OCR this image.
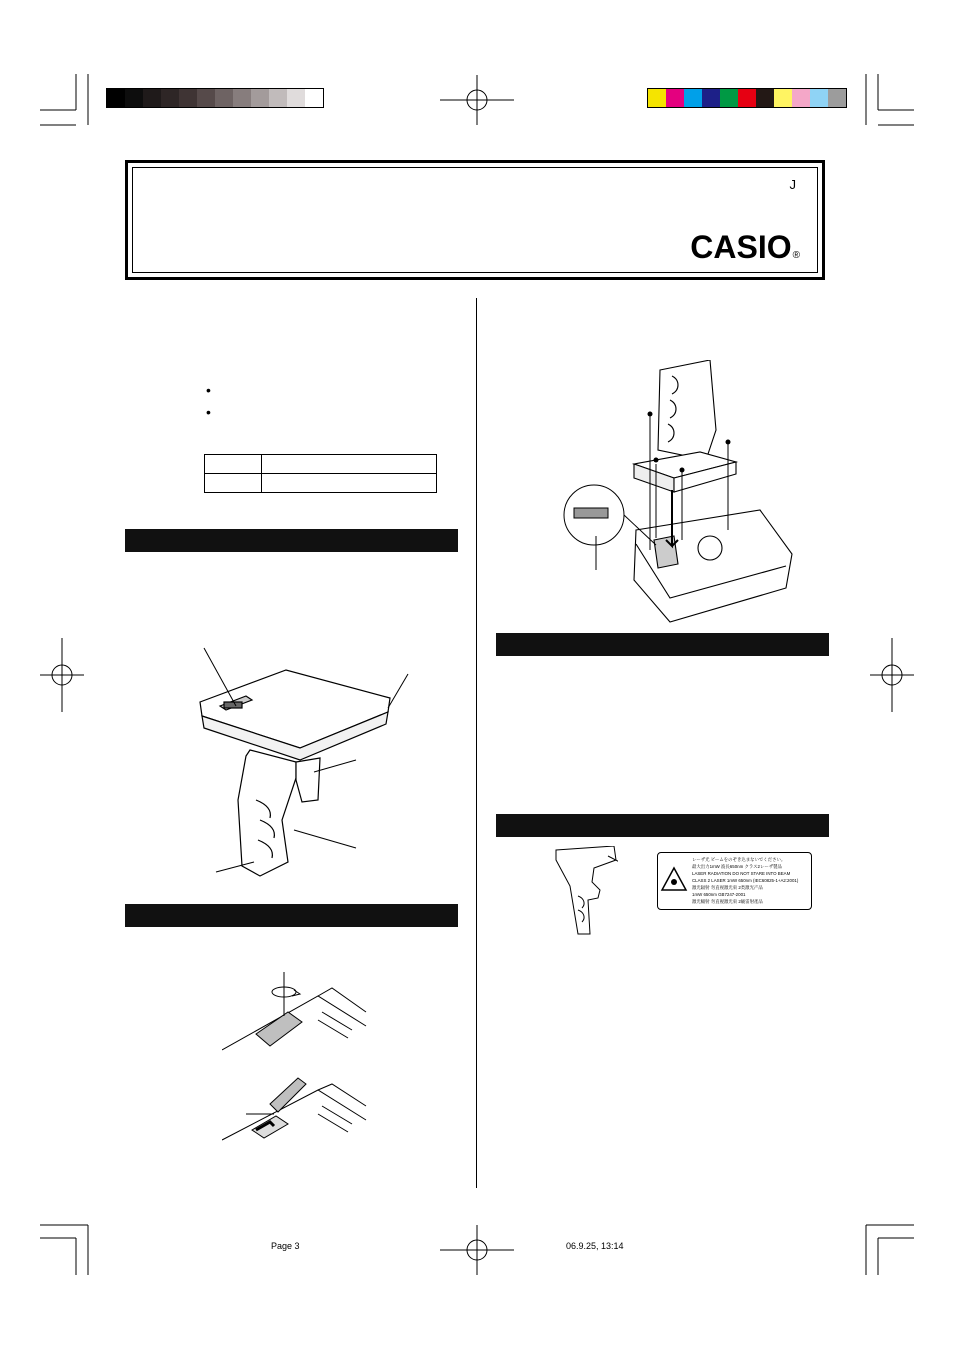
J
CASIO®
•
•

レーザ光 ビームをのぞき込まないでください。
最大出力1mW 波長650nm クラス2レーザ製品
LASER RADIATION DO NOT STARE INTO BEAM
CLASS 2 LASER 1mW 650nm (IEC60825-1+A2:2001)
激光辐射 勿直视激光束 2类激光产品
1mW 650nm GB7247-2001
激光輻射 勿直視激光束 2級雷射產品
Page 3	06.9.25, 13:14
